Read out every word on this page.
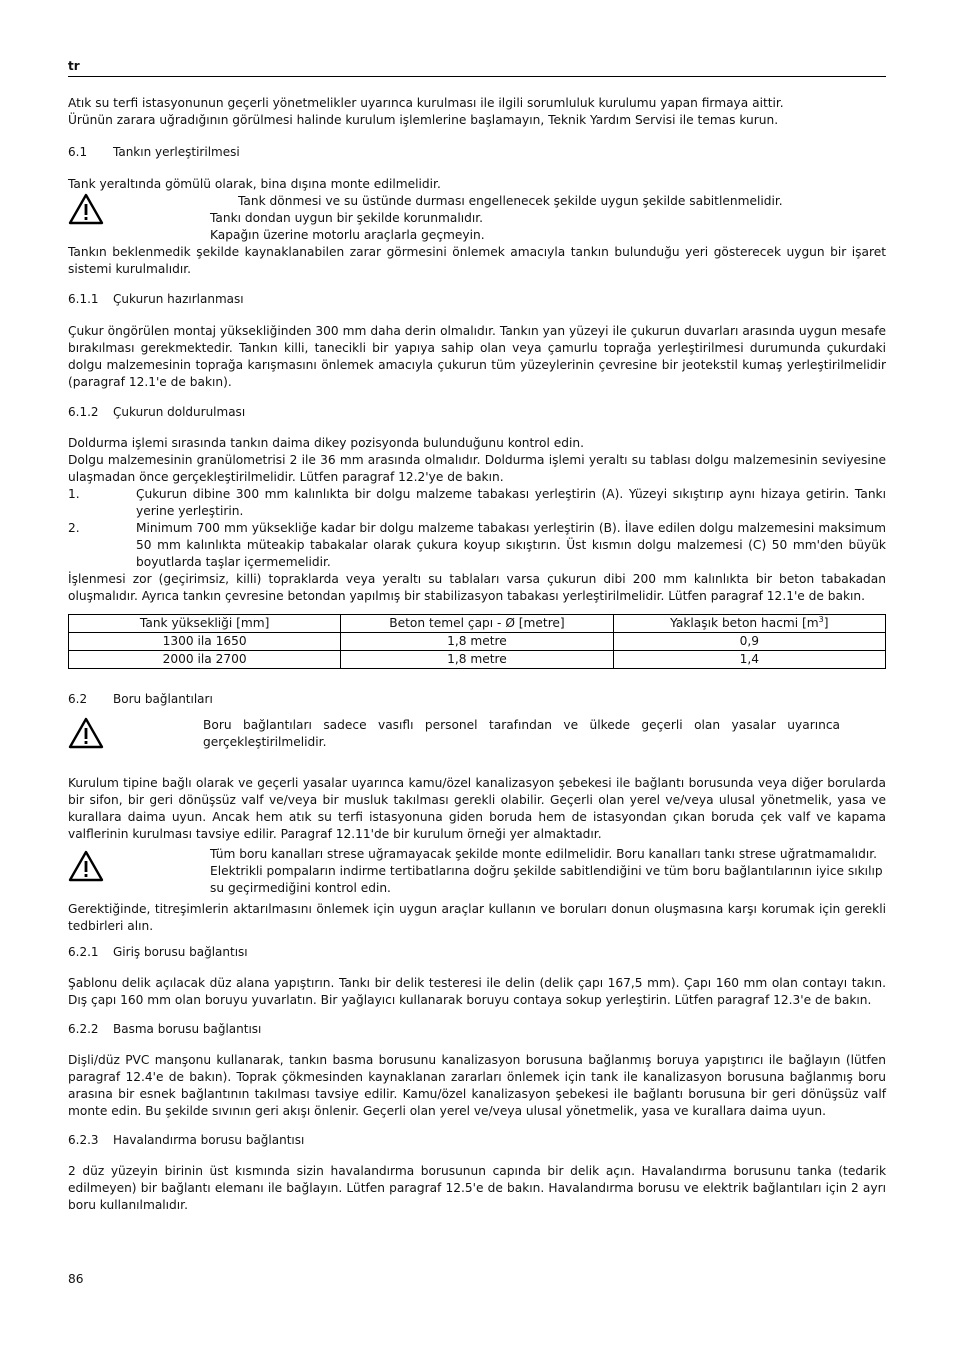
tr

Atık su terfi istasyonunun geçerli yönetmelikler uyarınca kurulması ile ilgili sorumluluk kurulumu yapan firmaya aittir.

Ürünün zarara uğradığının görülmesi halinde kurulum işlemlerine başlamayın, Teknik Yardım Servisi ile temas kurun.

6.1 Tankın yerleştirilmesi

Tank yeraltında gömülü olarak, bina dışına monte edilmelidir.

Tank dönmesi ve su üstünde durması engellenecek şekilde uygun şekilde sabitlenmelidir.
Tankı dondan uygun bir şekilde korunmalıdır.
Kapağın üzerine motorlu araçlarla geçmeyin.

Tankın beklenmedik şekilde kaynaklanabilen zarar görmesini önlemek amacıyla tankın bulunduğu yeri gösterecek uygun bir işaret sistemi kurulmalıdır.

6.1.1 Çukurun hazırlanması

Çukur öngörülen montaj yüksekliğinden 300 mm daha derin olmalıdır. Tankın yan yüzeyi ile çukurun duvarları arasında uygun mesafe bırakılması gerekmektedir. Tankın killi, tanecikli bir yapıya sahip olan veya çamurlu toprağa yerleştirilmesi durumunda çukurdaki dolgu malzemesinin toprağa karışmasını önlemek amacıyla çukurun tüm yüzeylerinin çevresine bir jeotekstil kumaş yerleştirilmelidir (paragraf 12.1'e de bakın).

6.1.2 Çukurun doldurulması

Doldurma işlemi sırasında tankın daima dikey pozisyonda bulunduğunu kontrol edin.

Dolgu malzemesinin granülometrisi 2 ile 36 mm arasında olmalıdır. Doldurma işlemi yeraltı su tablası dolgu malzemesinin seviyesine ulaşmadan önce gerçekleştirilmelidir. Lütfen paragraf 12.2'ye de bakın.

1.	Çukurun dibine 300 mm kalınlıkta bir dolgu malzeme tabakası yerleştirin (A). Yüzeyi sıkıştırıp aynı hizaya getirin. Tankı yerine yerleştirin.
2.	Minimum 700 mm yüksekliğe kadar bir dolgu malzeme tabakası yerleştirin (B). İlave edilen dolgu malzemesini maksimum 50 mm kalınlıkta müteakip tabakalar olarak çukura koyup sıkıştırın. Üst kısmın dolgu malzemesi (C) 50 mm'den büyük boyutlarda taşlar içermemelidir.

İşlenmesi zor (geçirimsiz, killi) topraklarda veya yeraltı su tablaları varsa çukurun dibi 200 mm kalınlıkta bir beton tabakadan oluşmalıdır. Ayrıca tankın çevresine betondan yapılmış bir stabilizasyon tabakası yerleştirilmelidir. Lütfen paragraf 12.1'e de bakın.

Tank yüksekliği [mm]	Beton temel çapı - Ø [metre]	Yaklaşık beton hacmi $[m^3]$
1300 ila 1650	1,8 metre	0,9
2000 ila 2700	1,8 metre	1,4
6.2 Boru bağlantıları

Boru bağlantıları sadece vasıflı personel tarafından ve ülkede geçerli olan yasalar uyarınca gerçekleştirilmelidir.

Kurulum tipine bağlı olarak ve geçerli yasalar uyarınca kamu/özel kanalizasyon şebekesi ile bağlantı borusunda veya diğer borularda bir sifon, bir geri dönüşsüz valf ve/veya bir musluk takılması gerekli olabilir. Geçerli olan yerel ve/veya ulusal yönetmelik, yasa ve kurallara daima uyun. Ancak hem atık su terfi istasyonuna giden boruda hem de istasyondan çıkan boruda çek valf ve kapama valflerinin kurulması tavsiye edilir. Paragraf 12.11'de bir kurulum örneği yer almaktadır.

Tüm boru kanalları strese uğramayacak şekilde monte edilmelidir. Boru kanalları tankı strese uğratmamalıdır.
Elektrikli pompaların indirme tertibatlarına doğru şekilde sabitlendiğini ve tüm boru bağlantılarının iyice sıkılıp su geçirmediğini kontrol edin.

Gerektiğinde, titreşimlerin aktarılmasını önlemek için uygun araçlar kullanın ve boruları donun oluşmasına karşı korumak için gerekli tedbirleri alın.

6.2.1 Giriş borusu bağlantısı

Şablonu delik açılacak düz alana yapıştırın. Tankı bir delik testeresi ile delin (delik çapı 167,5 mm). Çapı 160 mm olan contayı takın. Dış çapı 160 mm olan boruyu yuvarlatın. Bir yağlayıcı kullanarak boruyu contaya sokup yerleştirin. Lütfen paragraf 12.3'e de bakın.

6.2.2 Basma borusu bağlantısı

Dişli/düz PVC manşonu kullanarak, tankın basma borusunu kanalizasyon borusuna bağlanmış boruya yapıştırıcı ile bağlayın (lütfen paragraf 12.4'e de bakın). Toprak çökmesinden kaynaklanan zararları önlemek için tank ile kanalizasyon borusuna bağlanmış boru arasına bir esnek bağlantının takılması tavsiye edilir. Kamu/özel kanalizasyon şebekesi ile bağlantı borusuna bir geri dönüşsüz valf monte edin. Bu şekilde sıvının geri akışı önlenir. Geçerli olan yerel ve/veya ulusal yönetmelik, yasa ve kurallara daima uyun.

6.2.3 Havalandırma borusu bağlantısı

2 düz yüzeyin birinin üst kısmında sizin havalandırma borusunun capında bir delik açın. Havalandırma borusunu tanka (tedarik edilmeyen) bir bağlantı elemanı ile bağlayın. Lütfen paragraf 12.5'e de bakın. Havalandırma borusu ve elektrik bağlantıları için 2 ayrı boru kullanılmalıdır.

86
